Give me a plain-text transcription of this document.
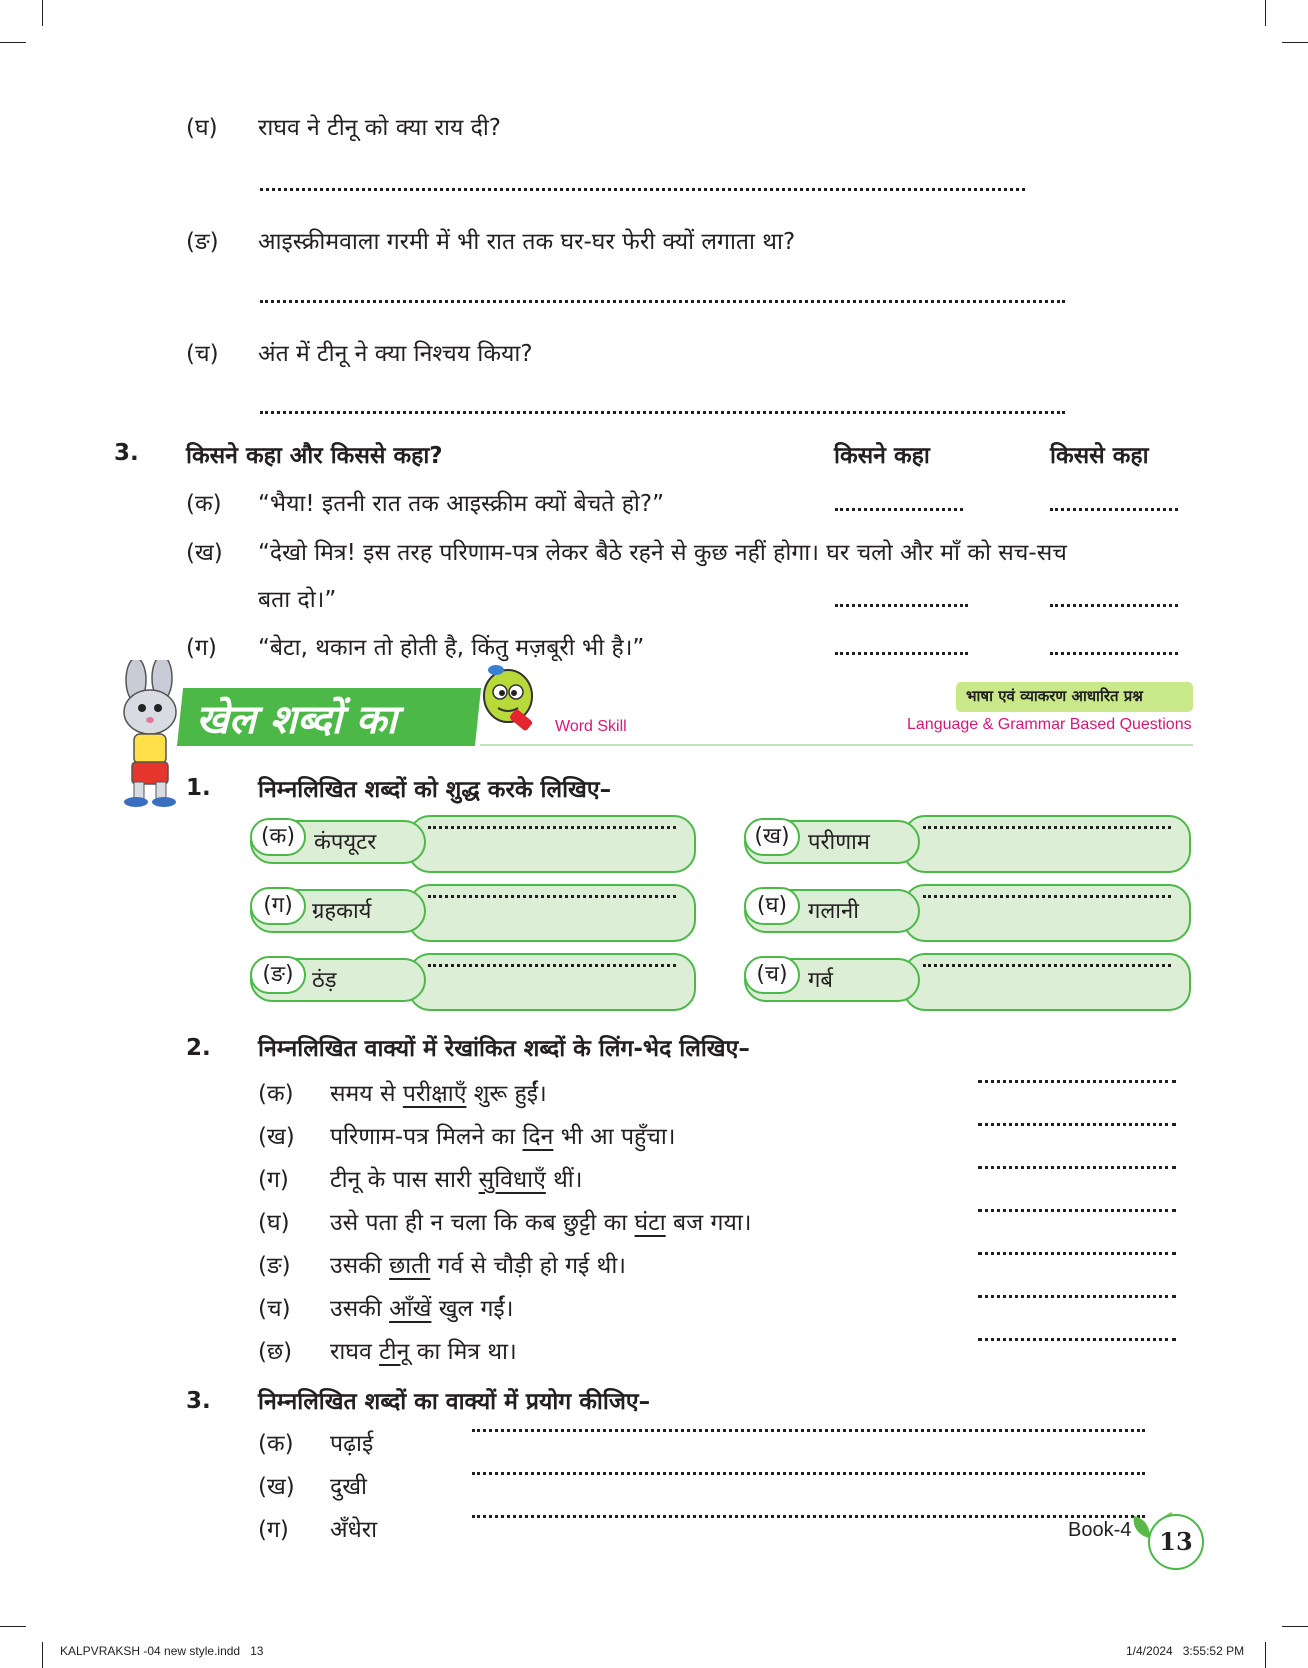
(घ) राघव ने टीनू को क्या राय दी?
(ङ) आइस्क्रीमवाला गरमी में भी रात तक घर-घर फेरी क्यों लगाता था?
(च) अंत में टीनू ने क्या निश्चय किया?
3. किसने कहा और किससे कहा?	किसने कहा	किससे कहा
(क) “भैया! इतनी रात तक आइस्क्रीम क्यों बेचते हो?”
(ख) “देखो मित्र! इस तरह परिणाम-पत्र लेकर बैठे रहने से कुछ नहीं होगा। घर चलो और माँ को सच-सच
बता दो।”
(ग) “बेटा, थकान तो होती है, किंतु मज़बूरी भी है।”
खेल शब्दों का	Word Skill
भाषा एवं व्याकरण आधारित प्रश्न
Language & Grammar Based Questions
1. निम्नलिखित शब्दों को शुद्ध करके लिखिए–
(क) कंपयूटर	(ख) परीणाम
(ग) ग्रहकार्य	(घ) गलानी
(ङ) ठंड़	(च) गर्ब
2. निम्नलिखित वाक्यों में रेखांकित शब्दों के लिंग-भेद लिखिए–
(क) समय से परीक्षाएँ शुरू हुईं।
(ख) परिणाम-पत्र मिलने का दिन भी आ पहुँचा।
(ग) टीनू के पास सारी सुविधाएँ थीं।
(घ) उसे पता ही न चला कि कब छुट्टी का घंटा बज गया।
(ङ) उसकी छाती गर्व से चौड़ी हो गई थी।
(च) उसकी आँखें खुल गईं।
(छ) राघव टीनू का मित्र था।
3. निम्नलिखित शब्दों का वाक्यों में प्रयोग कीजिए–
(क) पढ़ाई
(ख) दुखी
(ग) अँधेरा	Book-4	13
KALPVRAKSH -04 new style.indd   13	1/4/2024   3:55:52 PM
